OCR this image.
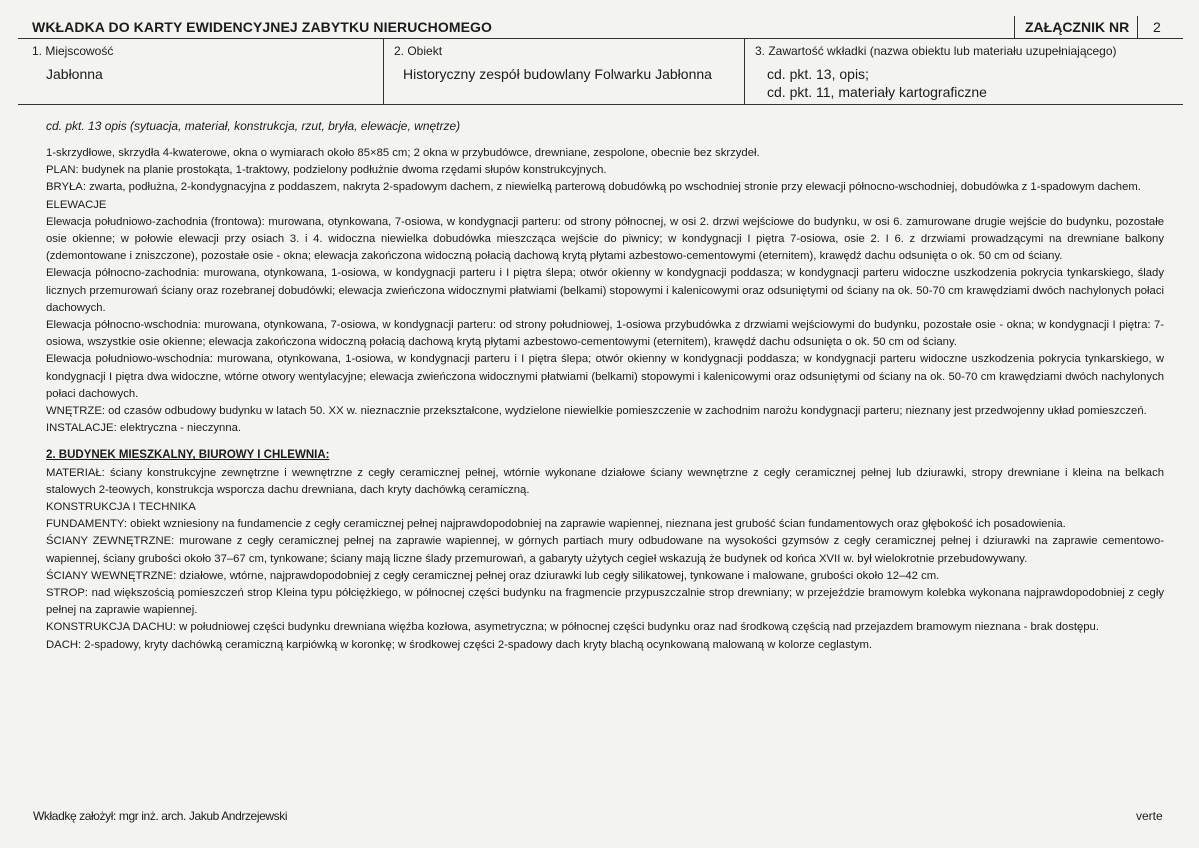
WKŁADKA DO KARTY EWIDENCYJNEJ ZABYTKU NIERUCHOMEGO	ZAŁĄCZNIK NR 2
1. Miejscowość
Jabłonna
2. Obiekt
Historyczny zespół budowlany Folwarku Jabłonna
3. Zawartość wkładki (nazwa obiektu lub materiału uzupełniającego)
cd. pkt. 13, opis;
cd. pkt. 11, materiały kartograficzne
cd. pkt. 13 opis (sytuacja, materiał, konstrukcja, rzut, bryła, elewacje, wnętrze)

1-skrzydłowe, skrzydła 4-kwaterowe, okna o wymiarach około 85×85 cm; 2 okna w przybudówce, drewniane, zespolone, obecnie bez skrzydeł.

PLAN: budynek na planie prostokąta, 1-traktowy, podzielony podłużnie dwoma rzędami słupów konstrukcyjnych.

BRYŁA: zwarta, podłużna, 2-kondygnacyjna z poddaszem, nakryta 2-spadowym dachem, z niewielką parterową dobudówką po wschodniej stronie przy elewacji północno-wschodniej, dobudówka z 1-spadowym dachem.

ELEWACJE

Elewacja południowo-zachodnia (frontowa): murowana, otynkowana, 7-osiowa, w kondygnacji parteru: od strony północnej, w osi 2. drzwi wejściowe do budynku, w osi 6. zamurowane drugie wejście do budynku, pozostałe osie okienne; w połowie elewacji przy osiach 3. i 4. widoczna niewielka dobudówka mieszcząca wejście do piwnicy; w kondygnacji I piętra 7-osiowa, osie 2. I 6. z drzwiami prowadzącymi na drewniane balkony (zdemontowane i zniszczone), pozostałe osie - okna; elewacja zakończona widoczną połacią dachową krytą płytami azbestowo-cementowymi (eternitem), krawędź dachu odsunięta o ok. 50 cm od ściany.

Elewacja północno-zachodnia: murowana, otynkowana, 1-osiowa, w kondygnacji parteru i I piętra ślepa; otwór okienny w kondygnacji poddasza; w kondygnacji parteru widoczne uszkodzenia pokrycia tynkarskiego, ślady licznych przemurowań ściany oraz rozebranej dobudówki; elewacja zwieńczona widocznymi płatwiami (belkami) stopowymi i kalenicowymi oraz odsuniętymi od ściany na ok. 50-70 cm krawędziami dwóch nachylonych połaci dachowych.

Elewacja północno-wschodnia: murowana, otynkowana, 7-osiowa, w kondygnacji parteru: od strony południowej, 1-osiowa przybudówka z drzwiami wejściowymi do budynku, pozostałe osie - okna; w kondygnacji I piętra: 7-osiowa, wszystkie osie okienne; elewacja zakończona widoczną połacią dachową krytą płytami azbestowo-cementowymi (eternitem), krawędź dachu odsunięta o ok. 50 cm od ściany.

Elewacja południowo-wschodnia: murowana, otynkowana, 1-osiowa, w kondygnacji parteru i I piętra ślepa; otwór okienny w kondygnacji poddasza; w kondygnacji parteru widoczne uszkodzenia pokrycia tynkarskiego, w kondygnacji I piętra dwa widoczne, wtórne otwory wentylacyjne; elewacja zwieńczona widocznymi płatwiami (belkami) stopowymi i kalenicowymi oraz odsuniętymi od ściany na ok. 50-70 cm krawędziami dwóch nachylonych połaci dachowych.

WNĘTRZE: od czasów odbudowy budynku w latach 50. XX w. nieznacznie przekształcone, wydzielone niewielkie pomieszczenie w zachodnim narożu kondygnacji parteru; nieznany jest przedwojenny układ pomieszczeń.

INSTALACJE: elektryczna - nieczynna.

2. BUDYNEK MIESZKALNY, BIUROWY I CHLEWNIA:

MATERIAŁ: ściany konstrukcyjne zewnętrzne i wewnętrzne z cegły ceramicznej pełnej, wtórnie wykonane działowe ściany wewnętrzne z cegły ceramicznej pełnej lub dziurawki, stropy drewniane i kleina na belkach stalowych 2-teowych, konstrukcja wsporcza dachu drewniana, dach kryty dachówką ceramiczną.

KONSTRUKCJA I TECHNIKA

FUNDAMENTY: obiekt wzniesiony na fundamencie z cegły ceramicznej pełnej najprawdopodobniej na zaprawie wapiennej, nieznana jest grubość ścian fundamentowych oraz głębokość ich posadowienia.

ŚCIANY ZEWNĘTRZNE: murowane z cegły ceramicznej pełnej na zaprawie wapiennej, w górnych partiach mury odbudowane na wysokości gzymsów z cegły ceramicznej pełnej i dziurawki na zaprawie cementowo-wapiennej, ściany grubości około 37–67 cm, tynkowane; ściany mają liczne ślady przemurowań, a gabaryty użytych cegieł wskazują że budynek od końca XVII w. był wielokrotnie przebudowywany.

ŚCIANY WEWNĘTRZNE: działowe, wtórne, najprawdopodobniej z cegły ceramicznej pełnej oraz dziurawki lub cegły silikatowej, tynkowane i malowane, grubości około 12–42 cm.

STROP: nad większością pomieszczeń strop Kleina typu półciężkiego, w północnej części budynku na fragmencie przypuszczalnie strop drewniany; w przejeździe bramowym kolebka wykonana najprawdopodobniej z cegły pełnej na zaprawie wapiennej.

KONSTRUKCJA DACHU: w południowej części budynku drewniana więźba kozłowa, asymetryczna; w północnej części budynku oraz nad środkową częścią nad przejazdem bramowym nieznana - brak dostępu.

DACH: 2-spadowy, kryty dachówką ceramiczną karpiówką w koronkę; w środkowej części 2-spadowy dach kryty blachą ocynkowaną malowaną w kolorze ceglastym.

Wkładkę założył: mgr inż. arch. Jakub Andrzejewski	verte
